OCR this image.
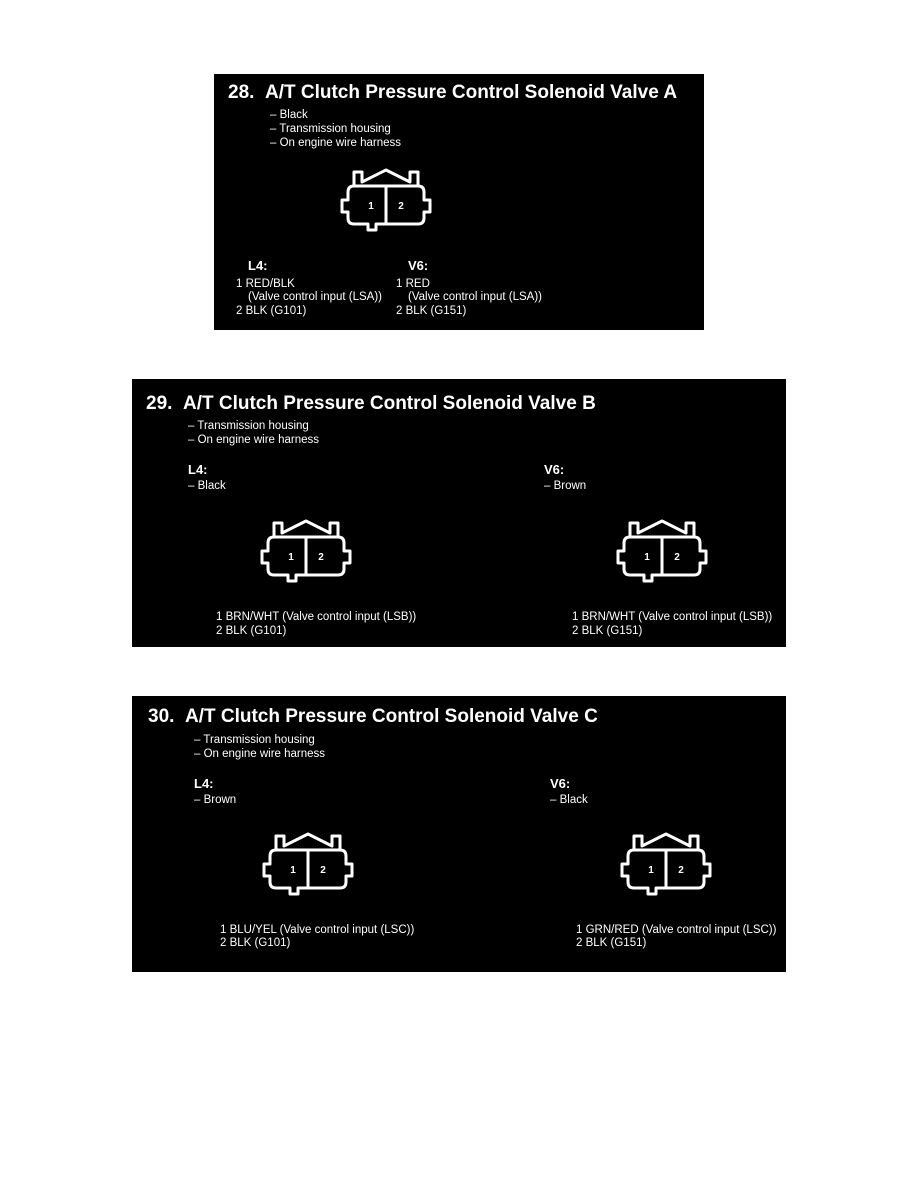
28. A/T Clutch Pressure Control Solenoid Valve A
– Black
– Transmission housing
– On engine wire harness
1 2
L4:
1 RED/BLK
(Valve control input (LSA))
2 BLK (G101)
V6:
1 RED
(Valve control input (LSA))
2 BLK (G151)
29. A/T Clutch Pressure Control Solenoid Valve B
– Transmission housing
– On engine wire harness
L4:
– Black
1 2
1 BRN/WHT (Valve control input (LSB))
2 BLK (G101)
V6:
– Brown
1 2
1 BRN/WHT (Valve control input (LSB))
2 BLK (G151)
30. A/T Clutch Pressure Control Solenoid Valve C
– Transmission housing
– On engine wire harness
L4:
– Brown
1 2
1 BLU/YEL (Valve control input (LSC))
2 BLK (G101)
V6:
– Black
1 2
1 GRN/RED (Valve control input (LSC))
2 BLK (G151)
